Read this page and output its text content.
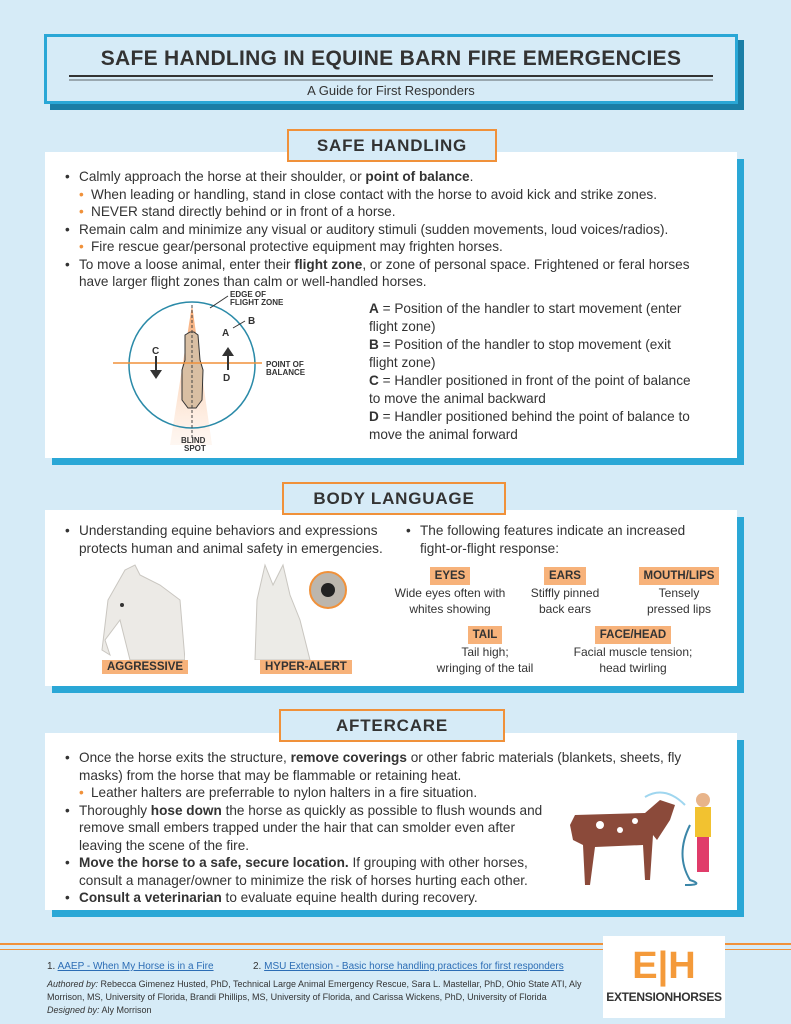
SAFE HANDLING IN EQUINE BARN FIRE EMERGENCIES
A Guide for First Responders
• Calmly approach the horse at their shoulder, or point of balance.
• When leading or handling, stand in close contact with the horse to avoid kick and strike zones.
• NEVER stand directly behind or in front of a horse.
• Remain calm and minimize any visual or auditory stimuli (sudden movements, loud voices/radios).
• Fire rescue gear/personal protective equipment may frighten horses.
• To move a loose animal, enter their flight zone, or zone of personal space. Frightened or feral horses have larger flight zones than calm or well-handled horses.
SAFE HANDLING
EDGE OF
FLIGHT ZONE
POINT OF
BALANCE
BLIND
SPOT
A
B
C
D
A = Position of the handler to start movement (enter flight zone)
B = Position of the handler to stop movement (exit flight zone)
C = Handler positioned in front of the point of balance to move the animal backward
D = Handler positioned behind the point of balance to move the animal forward
• Understanding equine behaviors and expressions protects human and animal safety in emergencies.
• The following features indicate an increased fight-or-flight response:
BODY LANGUAGE
AGGRESSIVE	HYPER-ALERT
EYES
Wide eyes often with
whites showing
EARS
Stiffly pinned
back ears
MOUTH/LIPS
Tensely
pressed lips
TAIL
Tail high;
wringing of the tail
FACE/HEAD
Facial muscle tension;
head twirling
• Once the horse exits the structure, remove coverings or other fabric materials (blankets, sheets, fly masks) from the horse that may be flammable or retaining heat.
• Leather halters are preferrable to nylon halters in a fire situation.
• Thoroughly hose down the horse as quickly as possible to flush wounds and remove small embers trapped under the hair that can smolder even after leaving the scene of the fire.
• Move the horse to a safe, secure location. If grouping with other horses, consult a manager/owner to minimize the risk of horses hurting each other.
• Consult a veterinarian to evaluate equine health during recovery.
AFTERCARE
1. AAEP - When My Horse is in a Fire	2. MSU Extension - Basic horse handling practices for first responders
Authored by: Rebecca Gimenez Husted, PhD, Technical Large Animal Emergency Rescue, Sara L. Mastellar, PhD, Ohio State ATI, Aly Morrison, MS, University of Florida, Brandi Phillips, MS, University of Florida, and Carissa Wickens, PhD, University of Florida
Designed by: Aly Morrison
E|H
EXTENSIONHORSES
